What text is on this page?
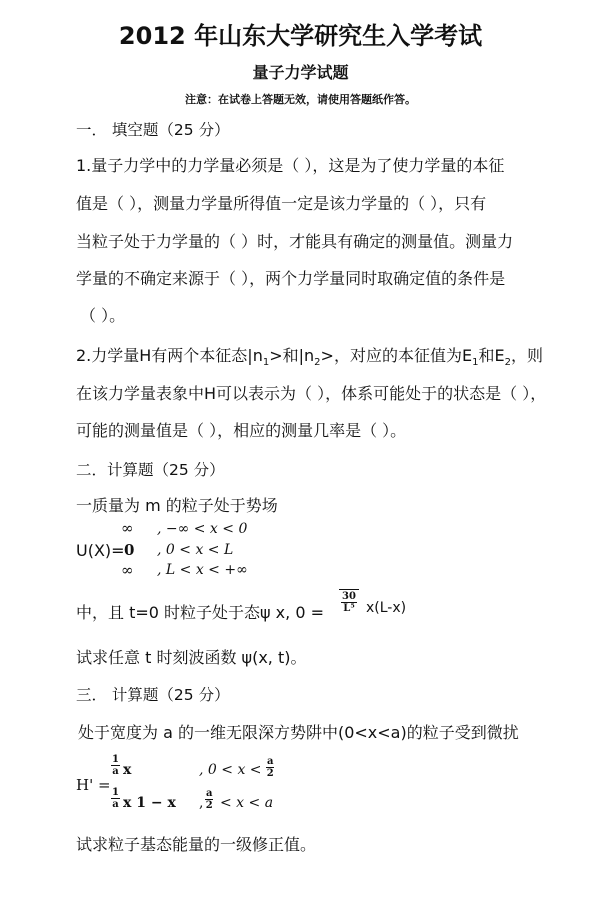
2012 年山东大学研究生入学考试
量子力学试题
注意：在试卷上答题无效，请使用答题纸作答。
一． 填空题（25 分）
1.量子力学中的力学量必须是（ ），这是为了使力学量的本征
值是（ ），测量力学量所得值一定是该力学量的（ ），只有
当粒子处于力学量的（ ）时，才能具有确定的测量值。测量力
学量的不确定来源于（ ），两个力学量同时取确定值的条件是
（ ）。
2.力学量H有两个本征态$|n_1>$和$|n_2>$，对应的本征值为$E_1$和$E_2$，则
在该力学量表象中H可以表示为（ ），体系可能处于的状态是（ ），
可能的测量值是（ ），相应的测量几率是（ ）。
二．计算题（25 分）
一质量为 m 的粒子处于势场
U(X)=
∞ , −∞ < x < 0
0 , 0 < x < L
∞ , L < x < +∞
中，且 t=0 时粒子处于态ψ x, $0 = \frac{30}{\text{L⁵}} x(L-x)$
试求任意 t 时刻波函数 ψ(x, t)。
三． 计算题（25 分）
处于宽度为 a 的一维无限深方势阱中(0<x<a)的粒子受到微扰
H' =
$\frac{1}{a}$ x	, $0 < x < \frac{a}{2}$
$\frac{1}{a}$ x 1 − x , $\frac{a}{2} < x < a$
试求粒子基态能量的一级修正值。
